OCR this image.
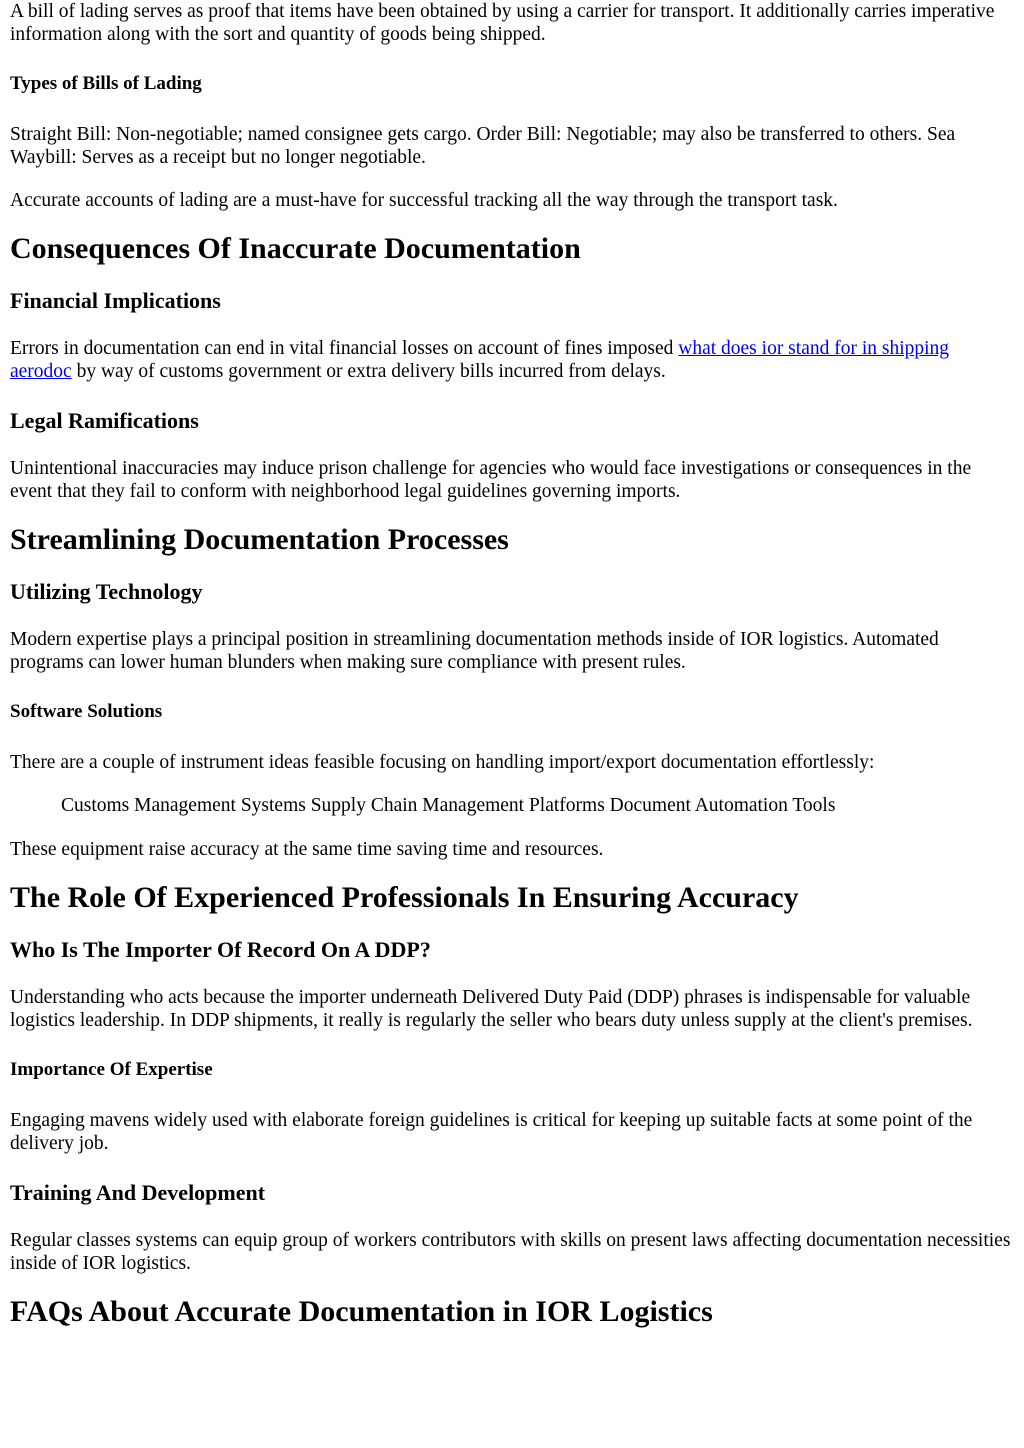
A bill of lading serves as proof that items have been obtained by using a carrier for transport. It additionally carries imperative information along with the sort and quantity of goods being shipped.

Types of Bills of Lading

Straight Bill: Non-negotiable; named consignee gets cargo. Order Bill: Negotiable; may also be transferred to others. Sea Waybill: Serves as a receipt but no longer negotiable.

Accurate accounts of lading are a must-have for successful tracking all the way through the transport task.

Consequences Of Inaccurate Documentation
Financial Implications

Errors in documentation can end in vital financial losses on account of fines imposed what does ior stand for in shipping aerodoc by way of customs government or extra delivery bills incurred from delays.

Legal Ramifications

Unintentional inaccuracies may induce prison challenge for agencies who would face investigations or consequences in the event that they fail to conform with neighborhood legal guidelines governing imports.

Streamlining Documentation Processes
Utilizing Technology

Modern expertise plays a principal position in streamlining documentation methods inside of IOR logistics. Automated programs can lower human blunders when making sure compliance with present rules.

Software Solutions

There are a couple of instrument ideas feasible focusing on handling import/export documentation effortlessly:

Customs Management Systems Supply Chain Management Platforms Document Automation Tools

These equipment raise accuracy at the same time saving time and resources.

The Role Of Experienced Professionals In Ensuring Accuracy
Who Is The Importer Of Record On A DDP?

Understanding who acts because the importer underneath Delivered Duty Paid (DDP) phrases is indispensable for valuable logistics leadership. In DDP shipments, it really is regularly the seller who bears duty unless supply at the client's premises.

Importance Of Expertise

Engaging mavens widely used with elaborate foreign guidelines is critical for keeping up suitable facts at some point of the delivery job.

Training And Development

Regular classes systems can equip group of workers contributors with skills on present laws affecting documentation necessities inside of IOR logistics.

FAQs About Accurate Documentation in IOR Logistics
